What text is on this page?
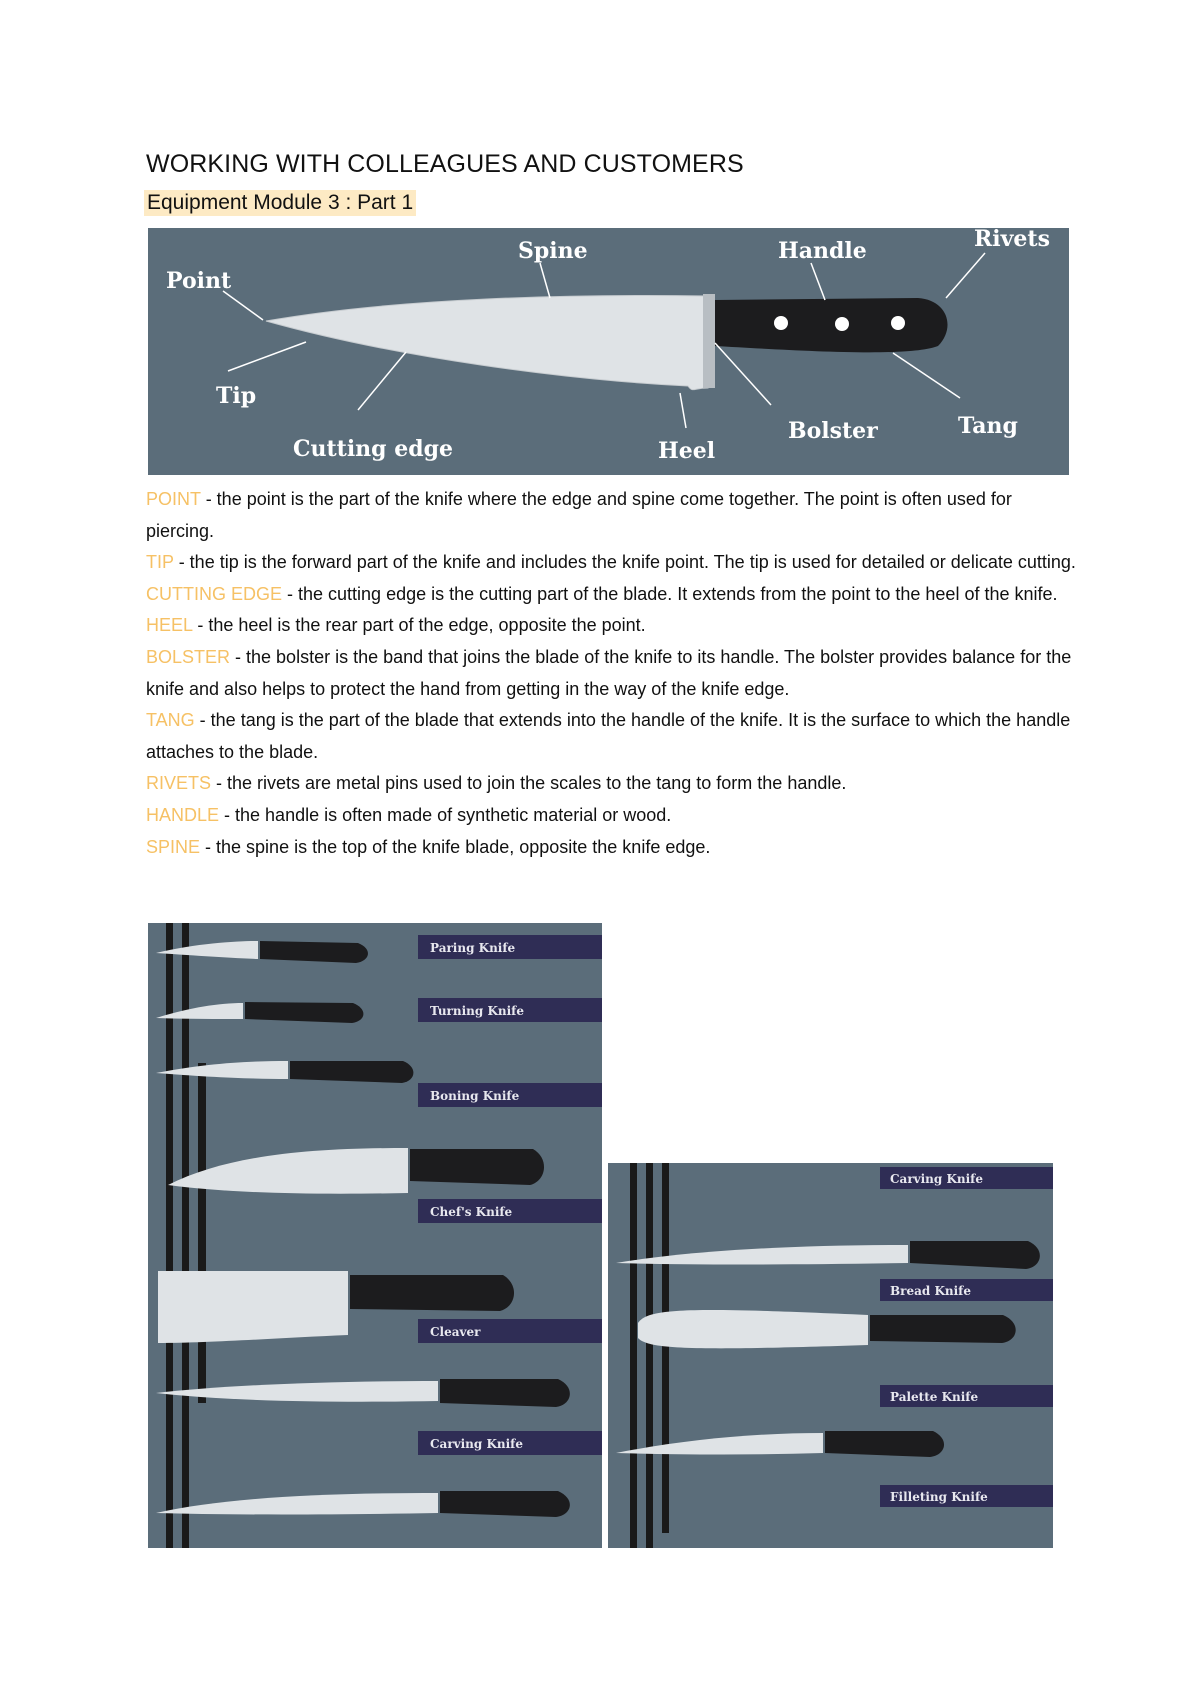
WORKING WITH COLLEAGUES AND CUSTOMERS
Equipment Module 3 : Part 1
Point
Spine	Handle	Rivets
Tip
Cutting edge	Heel
Bolster	Tang
POINT - the point is the part of the knife where the edge and spine come together. The point is often used for piercing.
TIP - the tip is the forward part of the knife and includes the knife point. The tip is used for detailed or delicate cutting.
CUTTING EDGE - the cutting edge is the cutting part of the blade. It extends from the point to the heel of the knife.
HEEL - the heel is the rear part of the edge, opposite the point.
BOLSTER - the bolster is the band that joins the blade of the knife to its handle. The bolster provides balance for the knife and also helps to protect the hand from getting in the way of the knife edge.
TANG - the tang is the part of the blade that extends into the handle of the knife. It is the surface to which the handle attaches to the blade.
RIVETS - the rivets are metal pins used to join the scales to the tang to form the handle.
HANDLE - the handle is often made of synthetic material or wood.
SPINE - the spine is the top of the knife blade, opposite the knife edge.
Paring Knife
Turning Knife
Boning Knife
Chef's Knife
Cleaver
Carving Knife
Carving Knife
Bread Knife
Palette Knife
Filleting Knife
